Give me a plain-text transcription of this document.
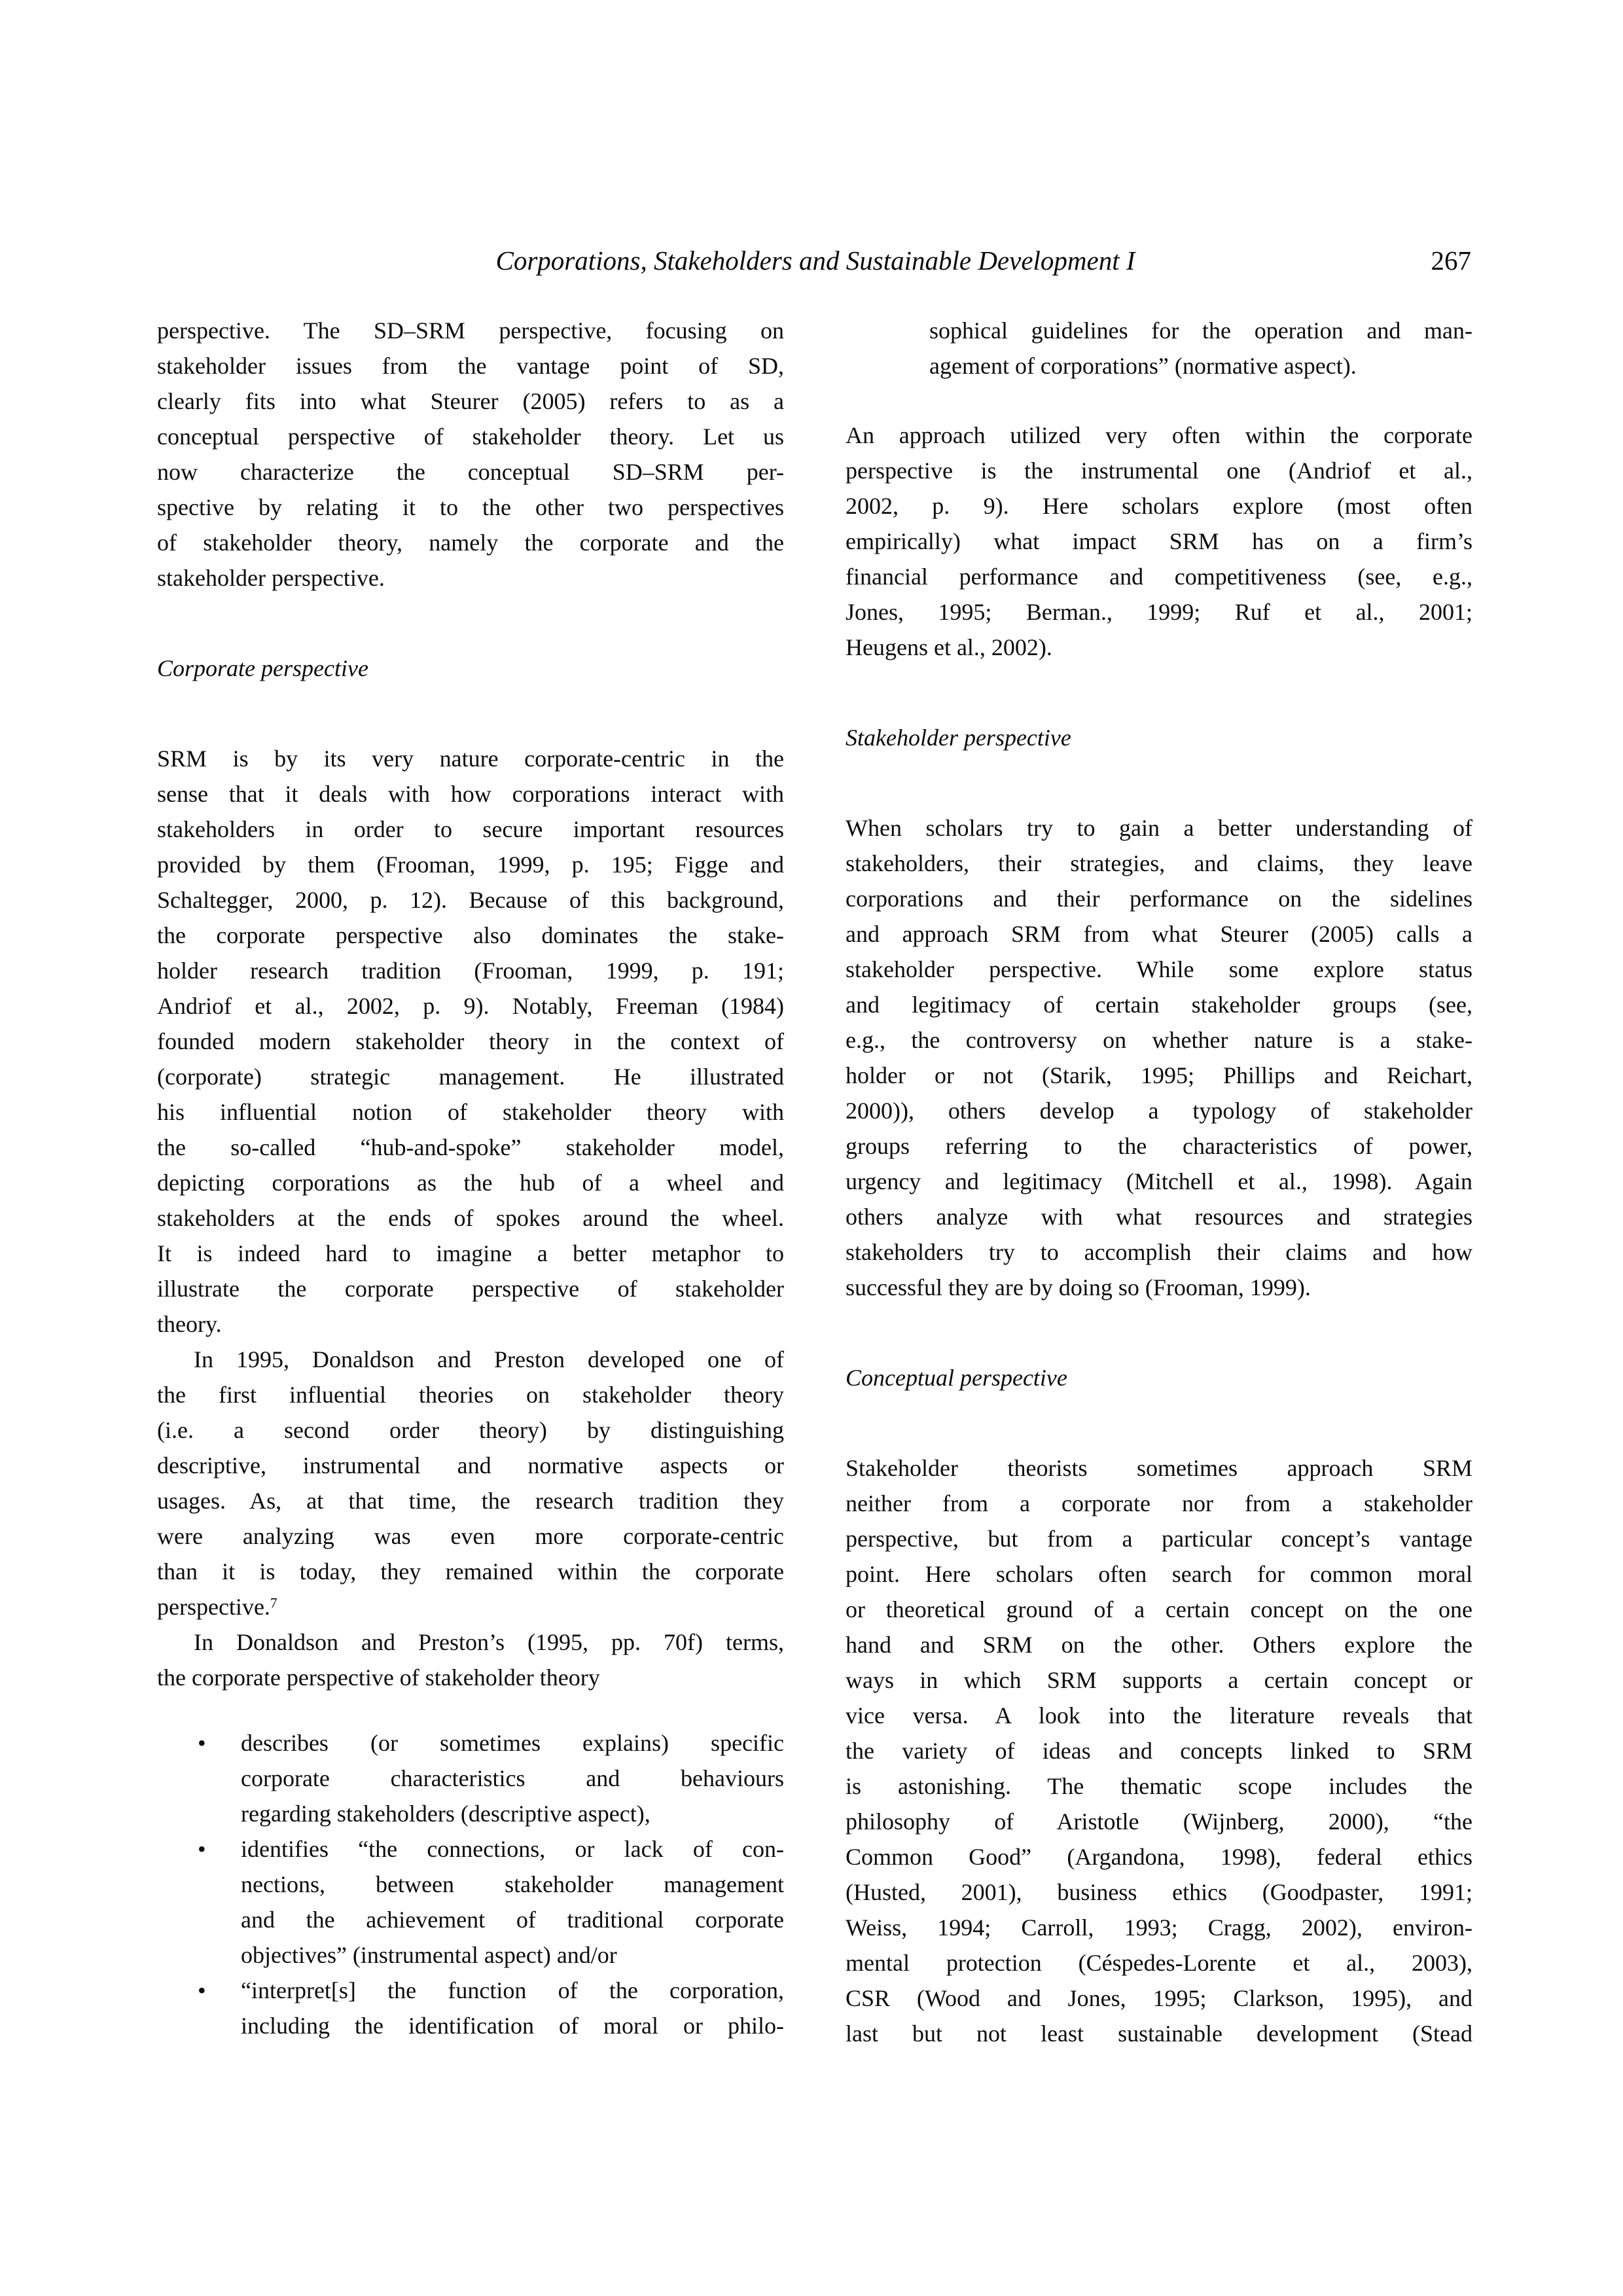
Corporations, Stakeholders and Sustainable Development I	267
perspective. The SD–SRM perspective, focusing on
stakeholder issues from the vantage point of SD,
clearly fits into what Steurer (2005) refers to as a
conceptual perspective of stakeholder theory. Let us
now characterize the conceptual SD–SRM per-
spective by relating it to the other two perspectives
of stakeholder theory, namely the corporate and the
stakeholder perspective.
Corporate perspective
SRM is by its very nature corporate-centric in the
sense that it deals with how corporations interact with
stakeholders in order to secure important resources
provided by them (Frooman, 1999, p. 195; Figge and
Schaltegger, 2000, p. 12). Because of this background,
the corporate perspective also dominates the stake-
holder research tradition (Frooman, 1999, p. 191;
Andriof et al., 2002, p. 9). Notably, Freeman (1984)
founded modern stakeholder theory in the context of
(corporate) strategic management. He illustrated
his influential notion of stakeholder theory with
the so-called “hub-and-spoke” stakeholder model,
depicting corporations as the hub of a wheel and
stakeholders at the ends of spokes around the wheel.
It is indeed hard to imagine a better metaphor to
illustrate the corporate perspective of stakeholder
theory.
In 1995, Donaldson and Preston developed one of
the first influential theories on stakeholder theory
(i.e. a second order theory) by distinguishing
descriptive, instrumental and normative aspects or
usages. As, at that time, the research tradition they
were analyzing was even more corporate-centric
than it is today, they remained within the corporate
perspective.$^7$
In Donaldson and Preston’s (1995, pp. 70f) terms,
the corporate perspective of stakeholder theory
• describes (or sometimes explains) specific
corporate characteristics and behaviours
regarding stakeholders (descriptive aspect),
• identifies “the connections, or lack of con-
nections, between stakeholder management
and the achievement of traditional corporate
objectives” (instrumental aspect) and/or
• “interpret[s] the function of the corporation,
including the identification of moral or philo-
sophical guidelines for the operation and man-
agement of corporations” (normative aspect).
An approach utilized very often within the corporate
perspective is the instrumental one (Andriof et al.,
2002, p. 9). Here scholars explore (most often
empirically) what impact SRM has on a firm’s
financial performance and competitiveness (see, e.g.,
Jones, 1995; Berman., 1999; Ruf et al., 2001;
Heugens et al., 2002).
Stakeholder perspective
When scholars try to gain a better understanding of
stakeholders, their strategies, and claims, they leave
corporations and their performance on the sidelines
and approach SRM from what Steurer (2005) calls a
stakeholder perspective. While some explore status
and legitimacy of certain stakeholder groups (see,
e.g., the controversy on whether nature is a stake-
holder or not (Starik, 1995; Phillips and Reichart,
2000)), others develop a typology of stakeholder
groups referring to the characteristics of power,
urgency and legitimacy (Mitchell et al., 1998). Again
others analyze with what resources and strategies
stakeholders try to accomplish their claims and how
successful they are by doing so (Frooman, 1999).
Conceptual perspective
Stakeholder theorists sometimes approach SRM
neither from a corporate nor from a stakeholder
perspective, but from a particular concept’s vantage
point. Here scholars often search for common moral
or theoretical ground of a certain concept on the one
hand and SRM on the other. Others explore the
ways in which SRM supports a certain concept or
vice versa. A look into the literature reveals that
the variety of ideas and concepts linked to SRM
is astonishing. The thematic scope includes the
philosophy of Aristotle (Wijnberg, 2000), “the
Common Good” (Argandona, 1998), federal ethics
(Husted, 2001), business ethics (Goodpaster, 1991;
Weiss, 1994; Carroll, 1993; Cragg, 2002), environ-
mental protection (Céspedes-Lorente et al., 2003),
CSR (Wood and Jones, 1995; Clarkson, 1995), and
last but not least sustainable development (Stead
